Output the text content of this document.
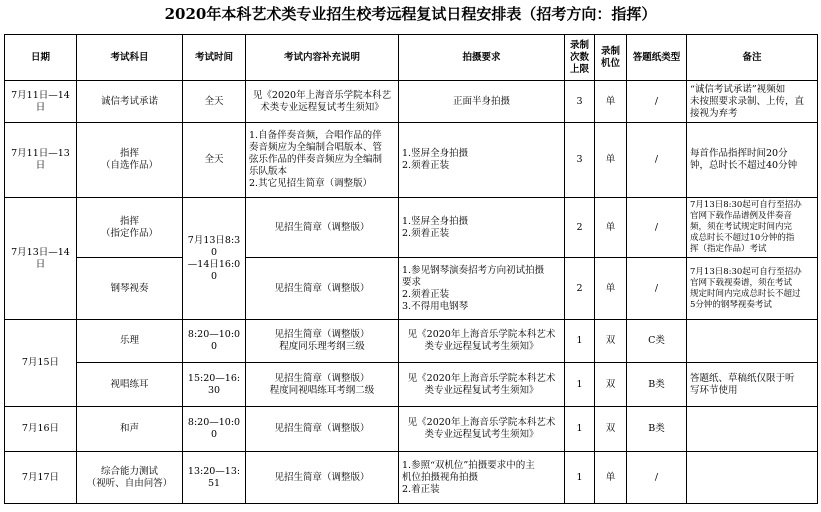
2020年本科艺术类专业招生校考远程复试日程安排表（招考方向：指挥）
日期	考试科目	考试时间	考试内容补充说明	拍摄要求	录制
次数
上限	录制
机位	答题纸类型	备注
7月11日—14日	诚信考试承诺	全天	见《2020年上海音乐学院本科艺
术类专业远程复试考生须知》	正面半身拍摄	3	单	/	“诚信考试承诺”视频如
未按照要求录制、上传，直
接视为弃考

7月11日—13日	指挥
（自选作品）	全天	1.自备伴奏音频，合唱作品的伴
奏音频应为全编制合唱版本、管
弦乐作品的伴奏音频应为全编制
乐队版本
2.其它见招生简章（调整版）	1.竖屏全身拍摄
2.须着正装	3	单	/	每首作品指挥时间20分
钟，总时长不超过40分钟

7月13日—14日	指挥
（指定作品）	7月13日8:30
—14日16:00	见招生简章（调整版）	1.竖屏全身拍摄
2.须着正装	2	单	/	7月13日8:30起可自行至招办
官网下载作品谱例及伴奏音
频，须在考试规定时间内完
成总时长不超过10分钟的指
挥（指定作品）考试

	钢琴视奏		见招生简章（调整版）	1.参见钢琴演奏招考方向初试拍摄
要求
2.须着正装
3.不得用电钢琴	2	单	/	7月13日8:30起可自行至招办
官网下载视奏谱，须在考试
规定时间内完成总时长不超过
5分钟的钢琴视奏考试

7月15日	乐理	8:20—10:00	见招生简章（调整版）
程度同乐理考纲三级	见《2020年上海音乐学院本科艺术
类专业远程复试考生须知》	1	双	C类	

	视唱练耳	15:20—16:30	见招生简章（调整版）
程度同视唱练耳考纲二级	见《2020年上海音乐学院本科艺术
类专业远程复试考生须知》	1	双	B类	答题纸、草稿纸仅限于听
写环节使用

7月16日	和声	8:20—10:00	见招生简章（调整版）	见《2020年上海音乐学院本科艺术
类专业远程复试考生须知》	1	双	B类	
7月17日	综合能力测试
（视听、自由问答）	13:20—13:51	见招生简章（调整版）	1.参照“双机位”拍摄要求中的主
机位拍摄视角拍摄
2.着正装	1	单	/	
